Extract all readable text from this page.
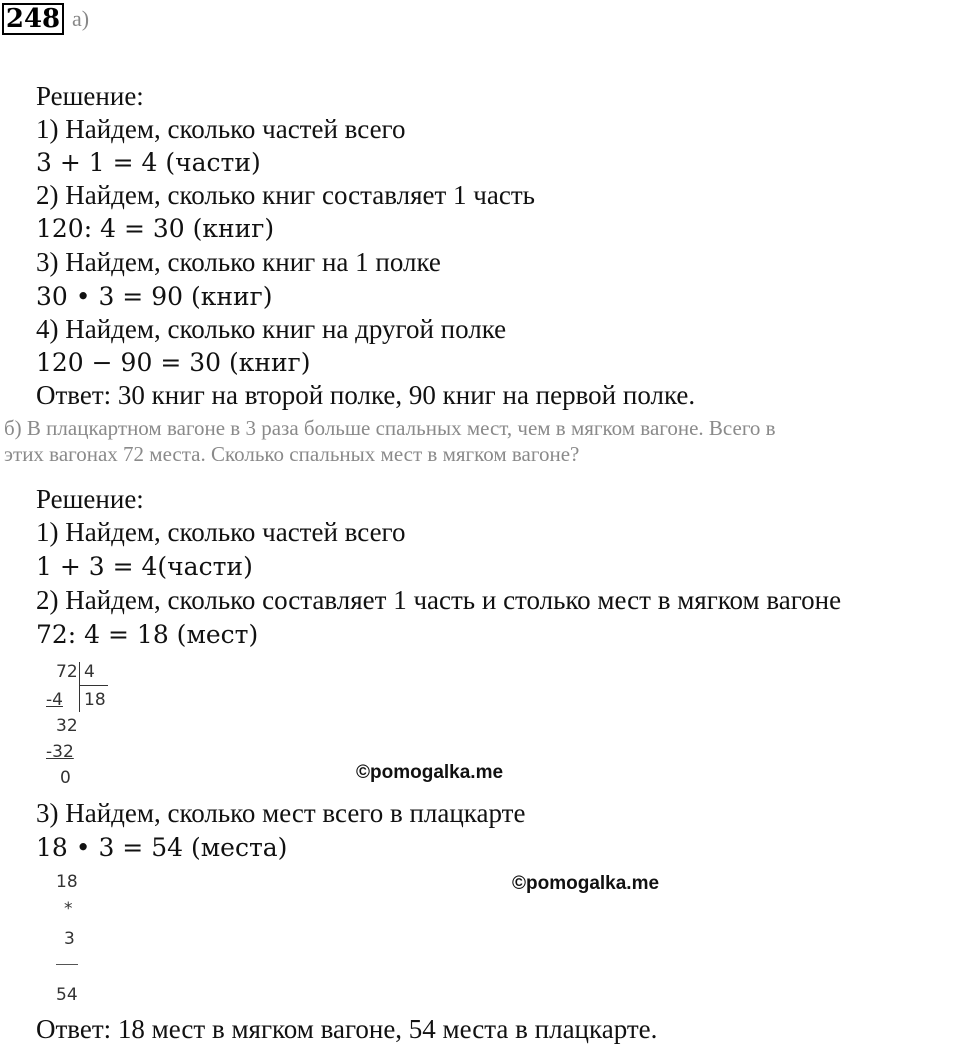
248 а)
Решение:
1) Найдем, сколько частей всего
3 + 1 = 4 (части)
2) Найдем, сколько книг составляет 1 часть
120: 4 = 30 (книг)
3) Найдем, сколько книг на 1 полке
30 • 3 = 90 (книг)
4) Найдем, сколько книг на другой полке
120 − 90 = 30 (книг)
Ответ: 30 книг на второй полке, 90 книг на первой полке.
б) В плацкартном вагоне в 3 раза больше спальных мест, чем в мягком вагоне. Всего в
этих вагонах 72 места. Сколько спальных мест в мягком вагоне?
Решение:
1) Найдем, сколько частей всего
1 + 3 = 4(части)
2) Найдем, сколько составляет 1 часть и столько мест в мягком вагоне
72: 4 = 18 (мест)
72 4
-4 18
32
-32
0	©pomogalka.me
3) Найдем, сколько мест всего в плацкарте
18 • 3 = 54 (места)
18
*
3
54
©pomogalka.me
Ответ: 18 мест в мягком вагоне, 54 места в плацкарте.
